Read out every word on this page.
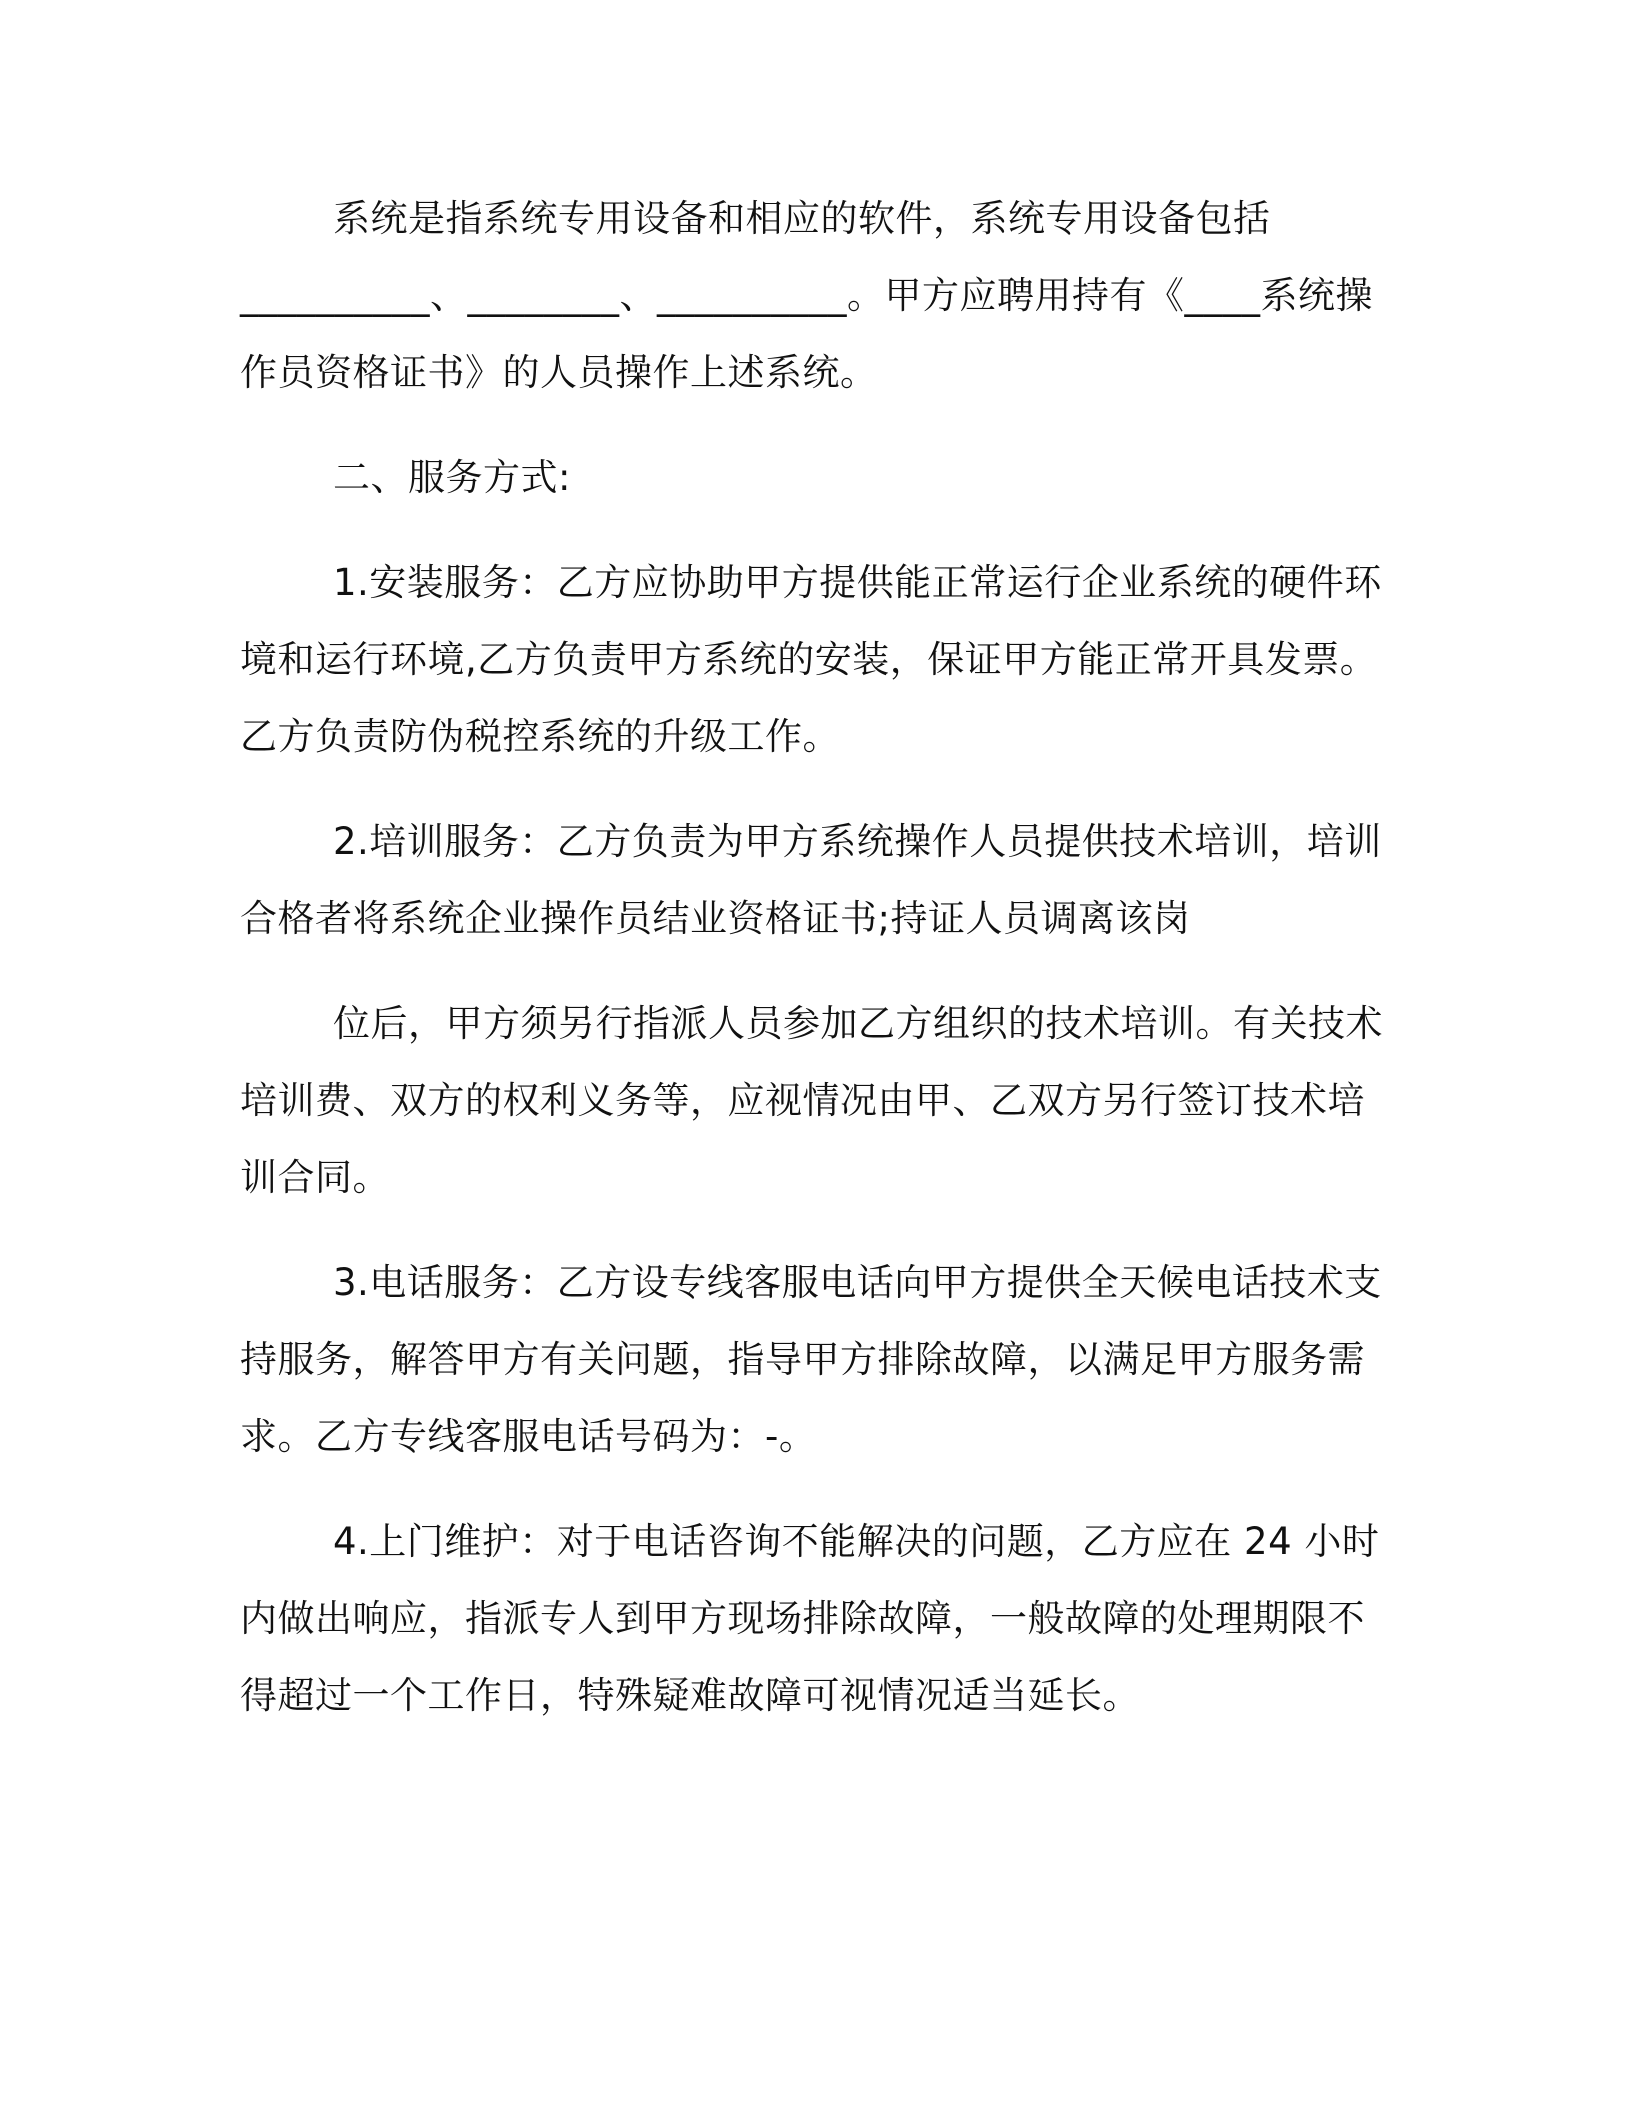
系统是指系统专用设备和相应的软件，系统专用设备包括
__________、________、__________。甲方应聘用持有《____系统操
作员资格证书》的人员操作上述系统。

二、服务方式:

1.安装服务：乙方应协助甲方提供能正常运行企业系统的硬件环
境和运行环境,乙方负责甲方系统的安装，保证甲方能正常开具发票。
乙方负责防伪税控系统的升级工作。

2.培训服务：乙方负责为甲方系统操作人员提供技术培训，培训
合格者将系统企业操作员结业资格证书;持证人员调离该岗

位后，甲方须另行指派人员参加乙方组织的技术培训。有关技术
培训费、双方的权利义务等，应视情况由甲、乙双方另行签订技术培
训合同。

3.电话服务：乙方设专线客服电话向甲方提供全天候电话技术支
持服务，解答甲方有关问题，指导甲方排除故障，以满足甲方服务需
求。乙方专线客服电话号码为：-。

4.上门维护：对于电话咨询不能解决的问题，乙方应在 24 小时
内做出响应，指派专人到甲方现场排除故障，一般故障的处理期限不
得超过一个工作日，特殊疑难故障可视情况适当延长。
